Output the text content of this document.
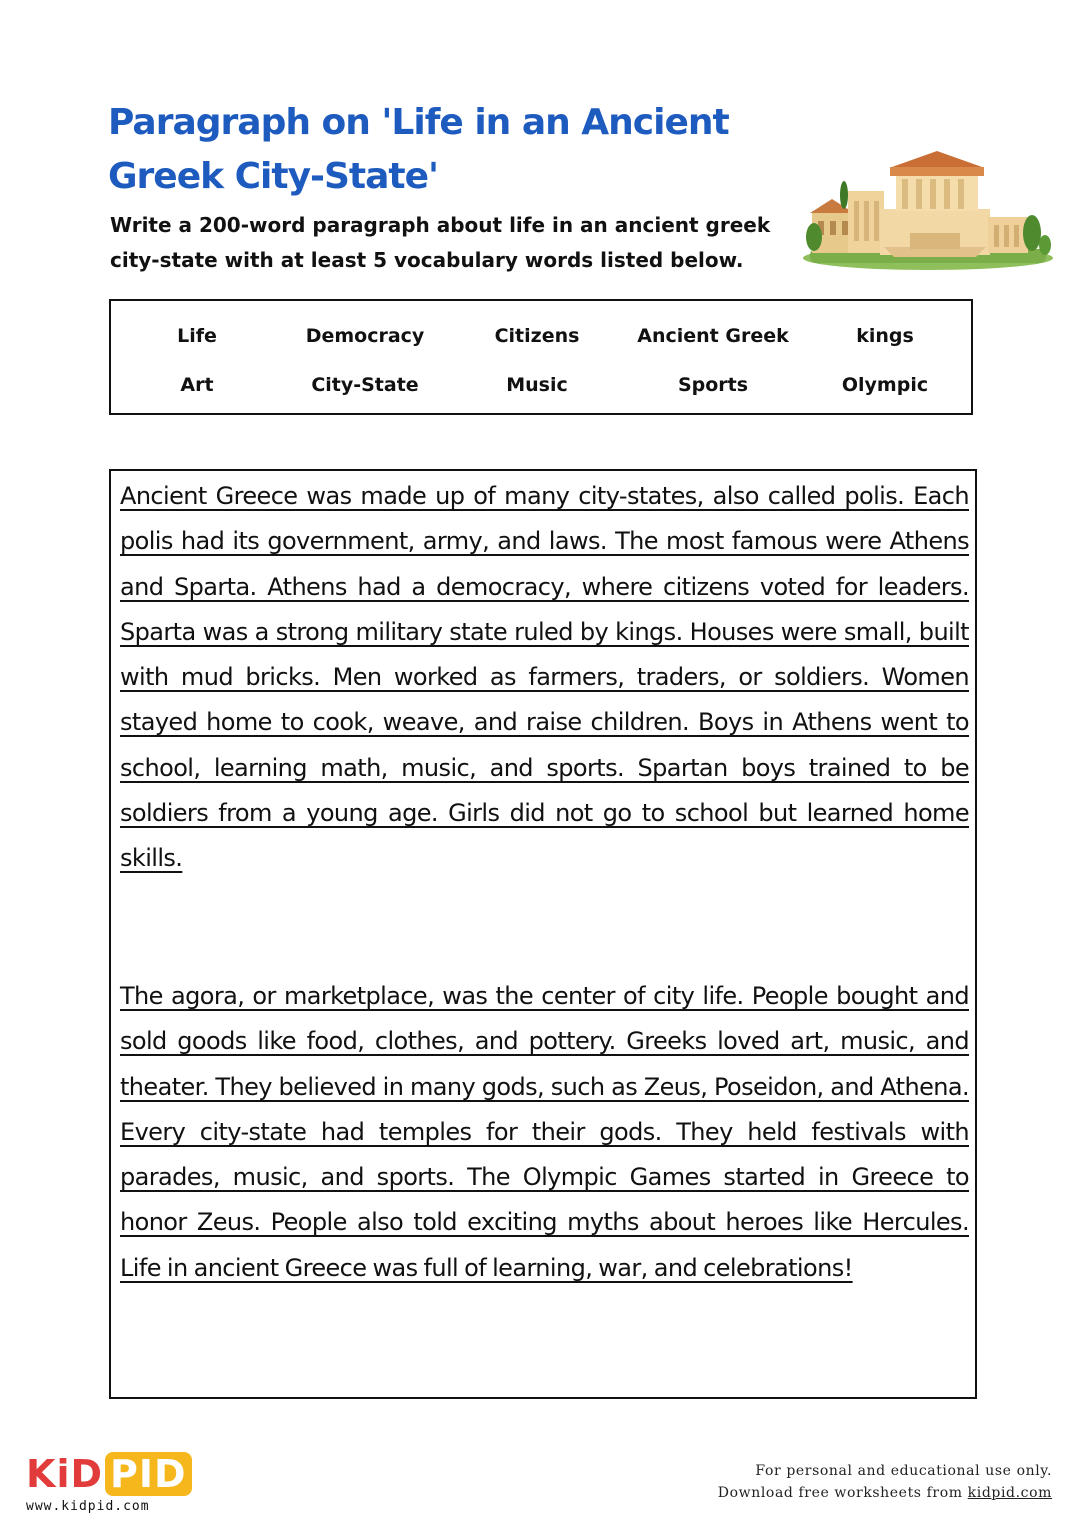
Paragraph on 'Life in an Ancient Greek City-State'

Write a 200-word paragraph about life in an ancient greek city-state with at least 5 vocabulary words listed below.

Life	Democracy	Citizens	Ancient Greek	kings
Art	City-State	Music	Sports	Olympic

Ancient Greece was made up of many city-states, also called polis. Each polis had its government, army, and laws. The most famous were Athens and Sparta. Athens had a democracy, where citizens voted for leaders. Sparta was a strong military state ruled by kings. Houses were small, built with mud bricks. Men worked as farmers, traders, or soldiers. Women stayed home to cook, weave, and raise children. Boys in Athens went to school, learning math, music, and sports. Spartan boys trained to be soldiers from a young age. Girls did not go to school but learned home skills.

The agora, or marketplace, was the center of city life. People bought and sold goods like food, clothes, and pottery. Greeks loved art, music, and theater. They believed in many gods, such as Zeus, Poseidon, and Athena. Every city-state had temples for their gods. They held festivals with parades, music, and sports. The Olympic Games started in Greece to honor Zeus. People also told exciting myths about heroes like Hercules. Life in ancient Greece was full of learning, war, and celebrations!

KiD PID
www.kidpid.com
For personal and educational use only.
Download free worksheets from kidpid.com
